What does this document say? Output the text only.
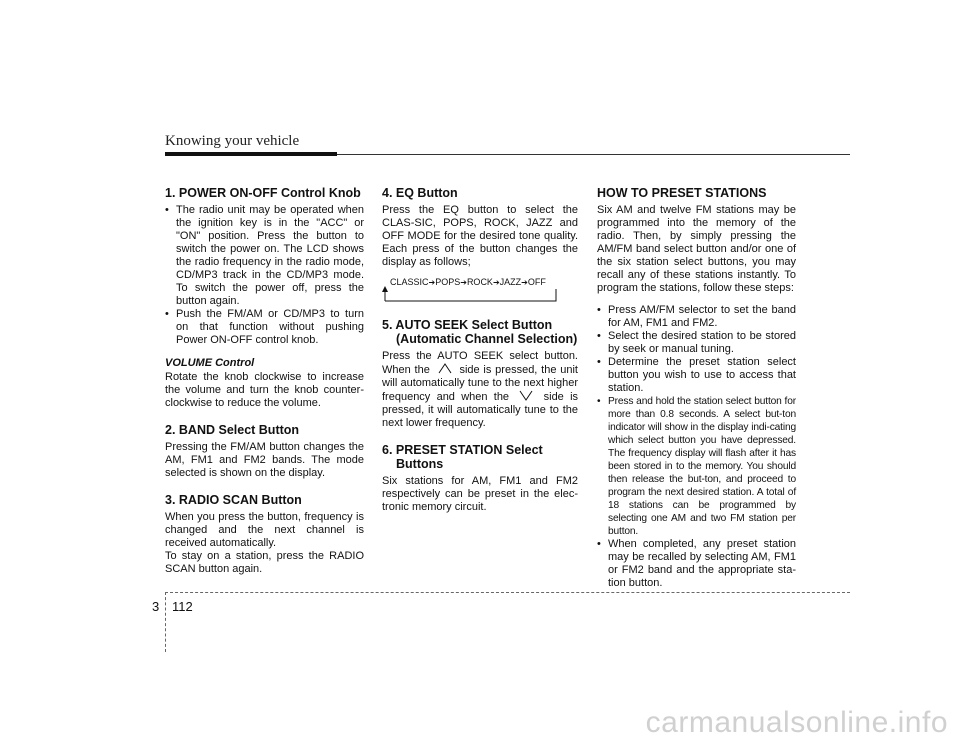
Knowing your vehicle
1. POWER ON-OFF Control Knob
• The radio unit may be operated when the ignition key is in the "ACC" or "ON" position. Press the button to switch the power on. The LCD shows the radio frequency in the radio mode, CD/MP3 track in the CD/MP3 mode. To switch the power off, press the button again.
• Push the FM/AM or CD/MP3 to turn on that function without pushing Power ON-OFF control knob.
VOLUME Control

Rotate the knob clockwise to increase the volume and turn the knob counter-clockwise to reduce the volume.

2. BAND Select Button

Pressing the FM/AM button changes the AM, FM1 and FM2 bands. The mode selected is shown on the display.

3. RADIO SCAN Button

When you press the button, frequency is changed and the next channel is received automatically.

To stay on a station, press the RADIO SCAN button again.

4. EQ Button

Press the EQ button to select the CLAS-SIC, POPS, ROCK, JAZZ and OFF MODE for the desired tone quality. Each press of the button changes the display as follows;

CLASSIC➔POPS➔ROCK➔JAZZ➔OFF
5. AUTO SEEK Select Button
(Automatic Channel Selection)

Press the AUTO SEEK select button. When the	side is pressed, the unit will automatically tune to the next higher frequency and when the	side is pressed, it will automatically tune to the next lower frequency.

6. PRESET STATION Select
Buttons

Six stations for AM, FM1 and FM2 respectively can be preset in the elec-tronic memory circuit.

HOW TO PRESET STATIONS

Six AM and twelve FM stations may be programmed into the memory of the radio. Then, by simply pressing the AM/FM band select button and/or one of the six station select buttons, you may recall any of these stations instantly. To program the stations, follow these steps:

• Press AM/FM selector to set the band for AM, FM1 and FM2.
• Select the desired station to be stored by seek or manual tuning.
• Determine the preset station select button you wish to use to access that station.
• Press and hold the station select button for more than 0.8 seconds. A select but-ton indicator will show in the display indi-cating which select button you have depressed. The frequency display will flash after it has been stored in to the memory. You should then release the but-ton, and proceed to program the next desired station. A total of 18 stations can be programmed by selecting one AM and two FM station per button.
• When completed, any preset station may be recalled by selecting AM, FM1 or FM2 band and the appropriate sta-tion button.
3 112
carmanualsonline.info
